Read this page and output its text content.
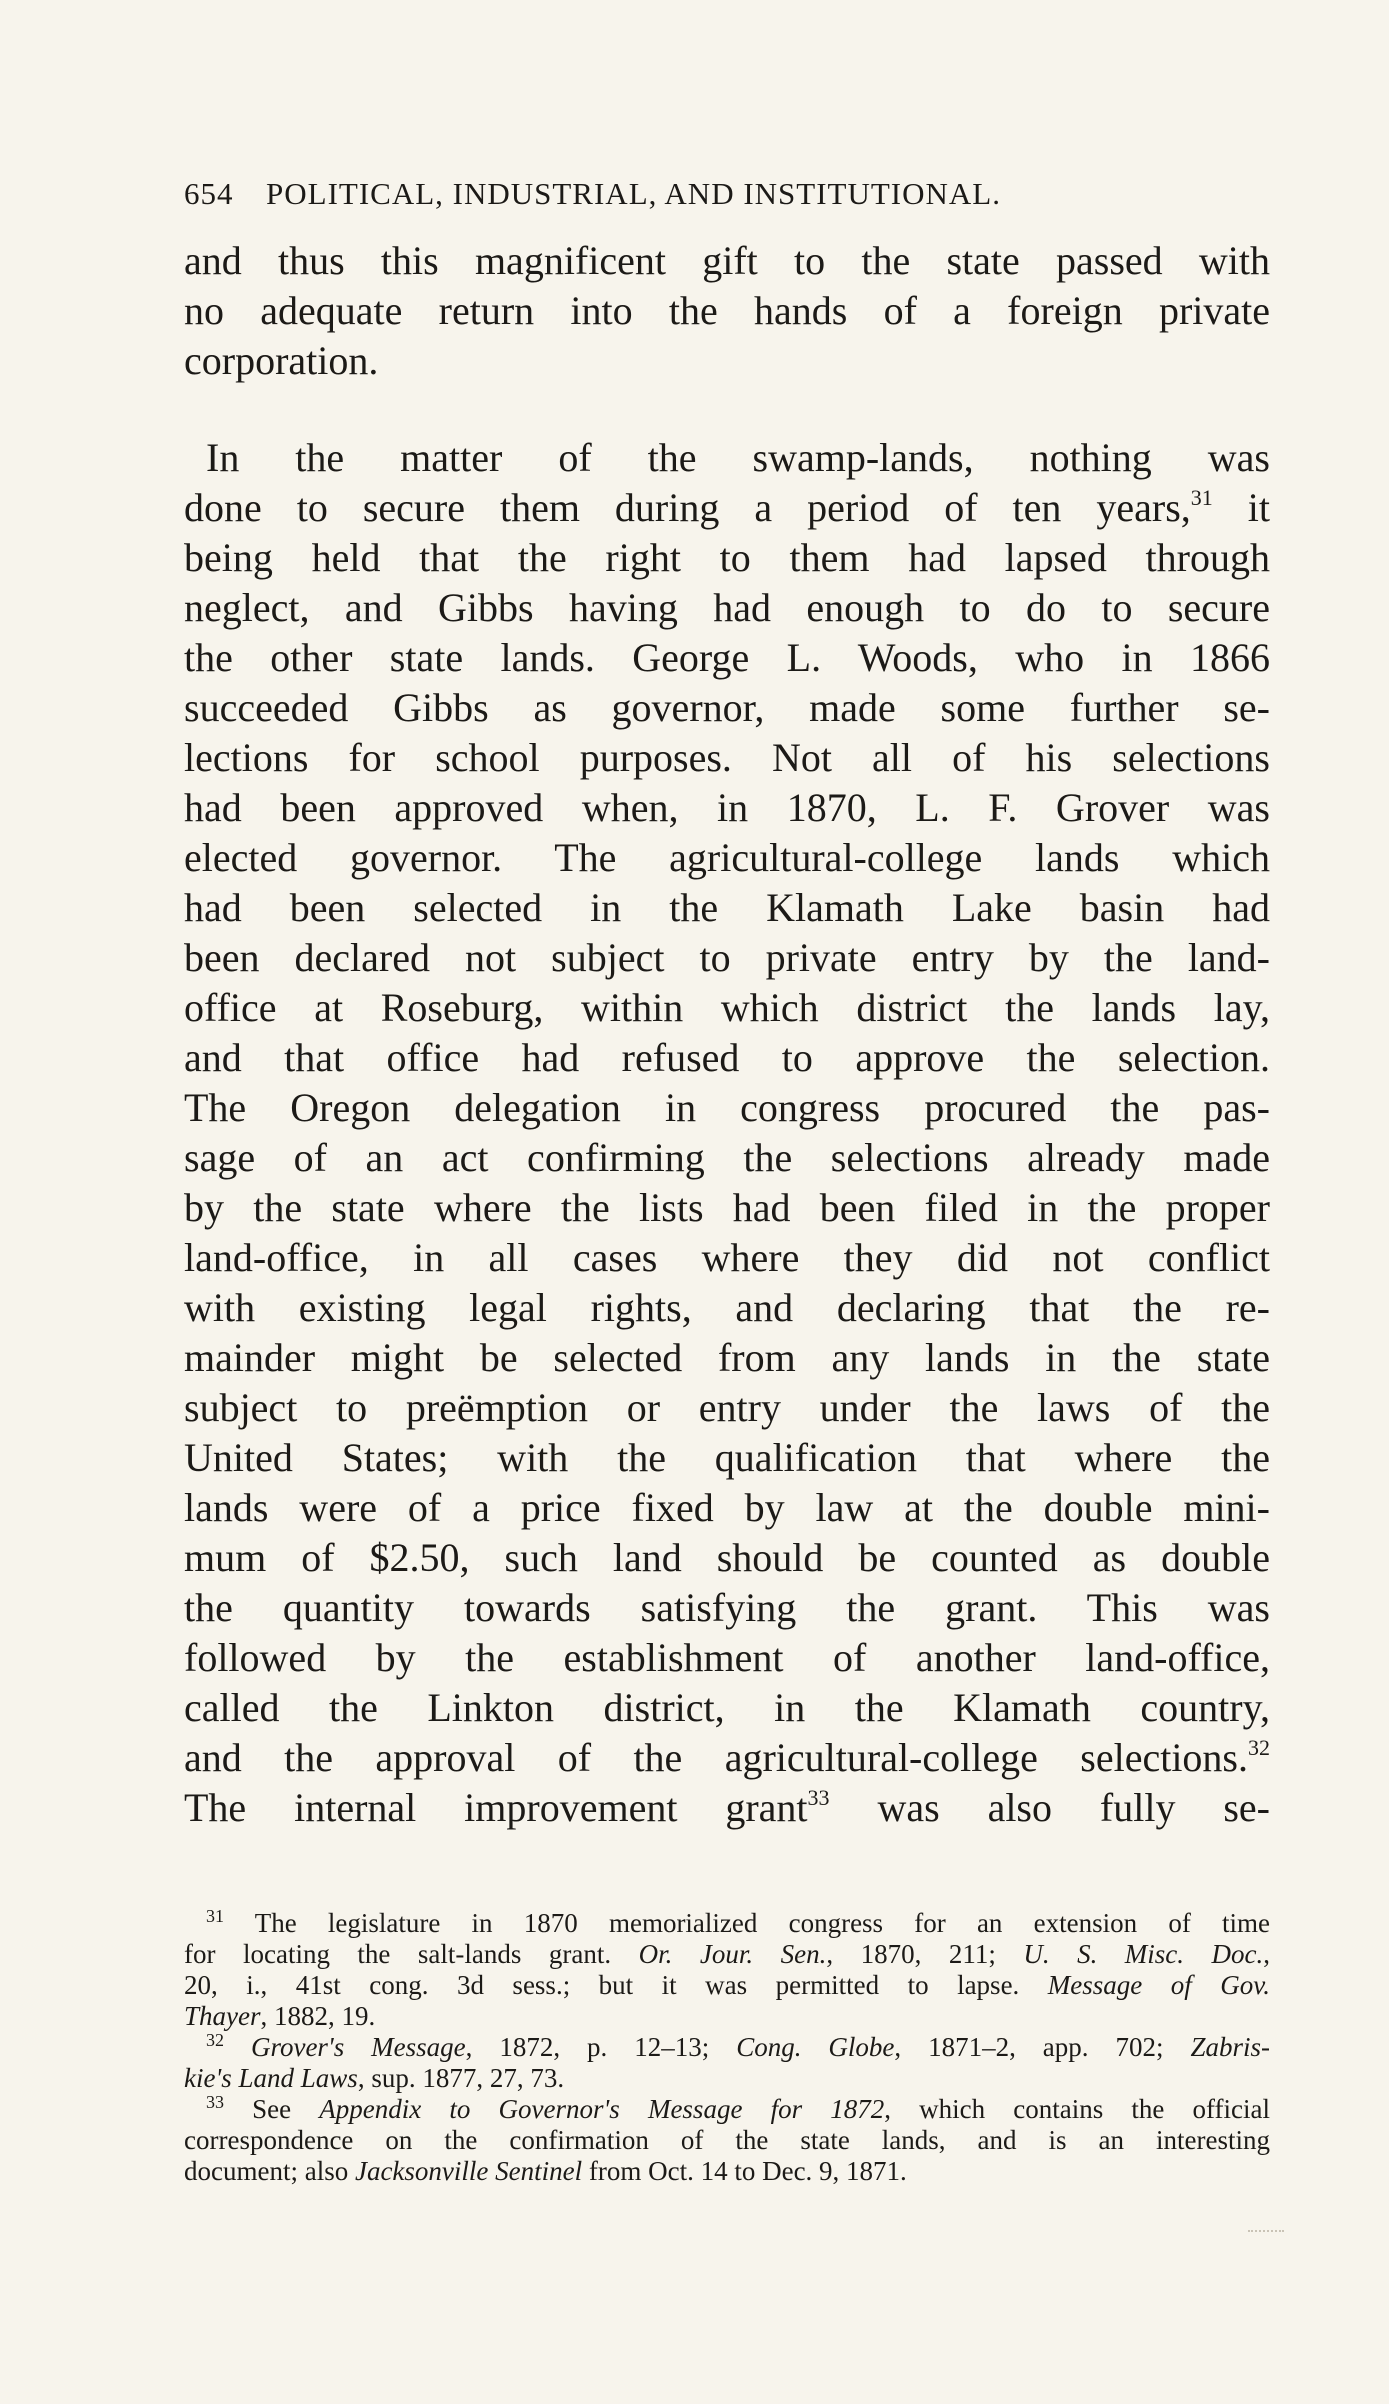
654 POLITICAL, INDUSTRIAL, AND INSTITUTIONAL.
and thus this magnificent gift to the state passed with
no adequate return into the hands of a foreign private
corporation.
In the matter of the swamp-lands, nothing was
done to secure them during a period of ten years,$^{31}$ it
being held that the right to them had lapsed through
neglect, and Gibbs having had enough to do to secure
the other state lands. George L. Woods, who in 1866
succeeded Gibbs as governor, made some further se-
lections for school purposes. Not all of his selections
had been approved when, in 1870, L. F. Grover was
elected governor. The agricultural-college lands which
had been selected in the Klamath Lake basin had
been declared not subject to private entry by the land-
office at Roseburg, within which district the lands lay,
and that office had refused to approve the selection.
The Oregon delegation in congress procured the pas-
sage of an act confirming the selections already made
by the state where the lists had been filed in the proper
land-office, in all cases where they did not conflict
with existing legal rights, and declaring that the re-
mainder might be selected from any lands in the state
subject to preëmption or entry under the laws of the
United States; with the qualification that where the
lands were of a price fixed by law at the double mini-
mum of $2.50, such land should be counted as double
the quantity towards satisfying the grant. This was
followed by the establishment of another land-office,
called the Linkton district, in the Klamath country,
and the approval of the agricultural-college selections.$^{32}$
The internal improvement grant$^{33}$ was also fully se-
$^{31}$ The legislature in 1870 memorialized congress for an extension of time
for locating the salt-lands grant. Or. Jour. Sen., 1870, 211; U. S. Misc. Doc.,
20, i., 41st cong. 3d sess.; but it was permitted to lapse. Message of Gov.
Thayer, 1882, 19.
$^{32}$ Grover's Message, 1872, p. 12–13; Cong. Globe, 1871–2, app. 702; Zabris-
kie's Land Laws, sup. 1877, 27, 73.
$^{33}$ See Appendix to Governor's Message for 1872, which contains the official
correspondence on the confirmation of the state lands, and is an interesting
document; also Jacksonville Sentinel from Oct. 14 to Dec. 9, 1871.
